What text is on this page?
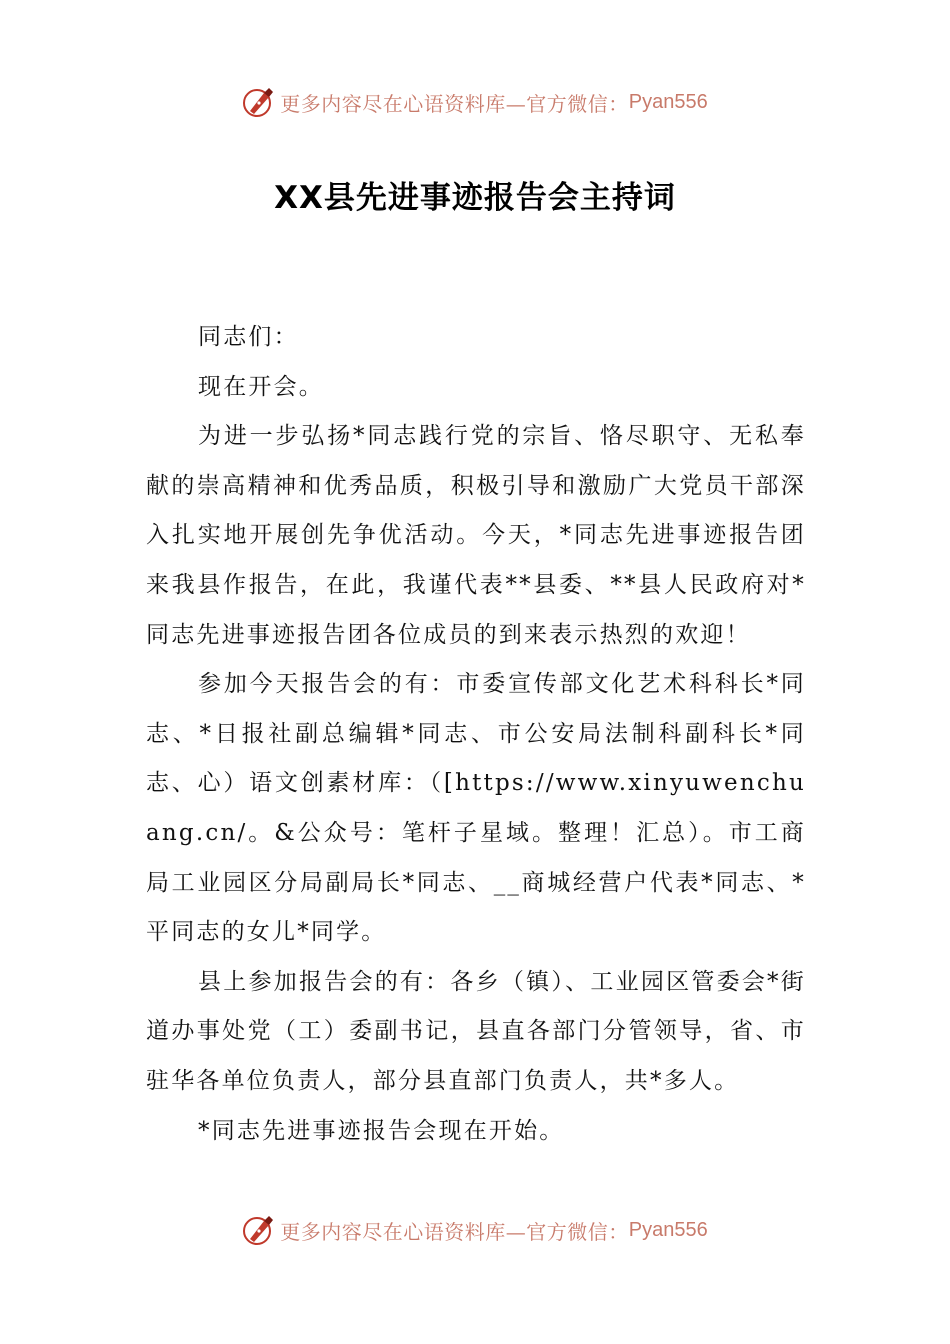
更多内容尽在心语资料库—官方微信： Pyan556
XX县先进事迹报告会主持词

同志们：

现在开会。

为进一步弘扬*同志践行党的宗旨、恪尽职守、无私奉献的崇高精神和优秀品质，积极引导和激励广大党员干部深入扎实地开展创先争优活动。今天，*同志先进事迹报告团来我县作报告，在此，我谨代表**县委、**县人民政府对*同志先进事迹报告团各位成员的到来表示热烈的欢迎！

参加今天报告会的有：市委宣传部文化艺术科科长*同志、*日报社副总编辑*同志、市公安局法制科副科长*同志、心）语文创素材库：（[https://www.xinyuwenchuang.cn/。&公众号：笔杆子星域。整理！汇总）。市工商局工业园区分局副局长*同志、__商城经营户代表*同志、*平同志的女儿*同学。

县上参加报告会的有：各乡（镇）、工业园区管委会*街道办事处党（工）委副书记，县直各部门分管领导，省、市驻华各单位负责人，部分县直部门负责人，共*多人。

*同志先进事迹报告会现在开始。

更多内容尽在心语资料库—官方微信： Pyan556
